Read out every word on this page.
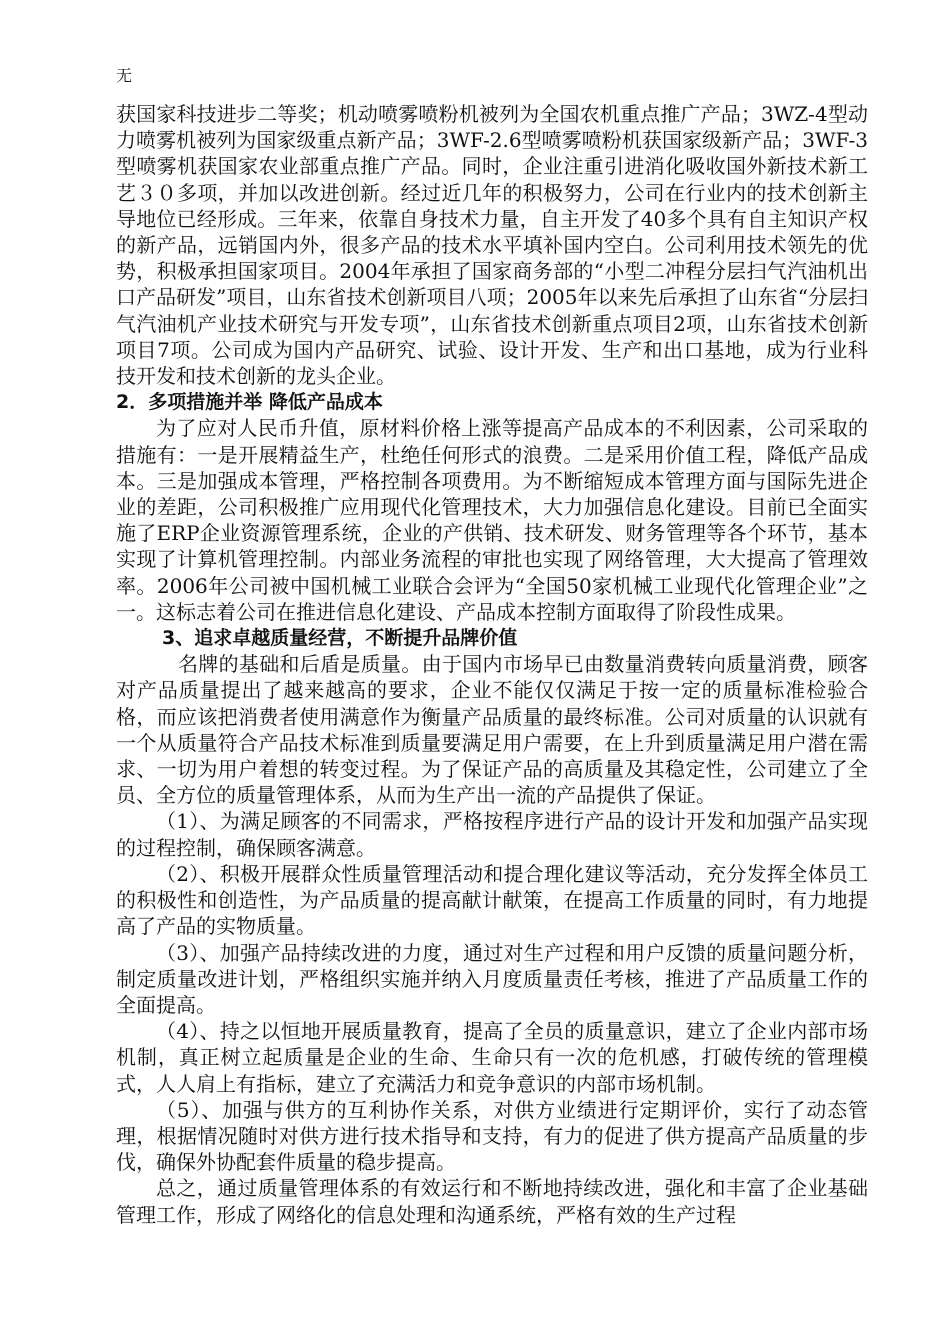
无

获国家科技进步二等奖；机动喷雾喷粉机被列为全国农机重点推广产品；3WZ-4型动力喷雾机被列为国家级重点新产品；3WF-2.6型喷雾喷粉机获国家级新产品；3WF-3型喷雾机获国家农业部重点推广产品。同时，企业注重引进消化吸收国外新技术新工艺３０多项，并加以改进创新。经过近几年的积极努力，公司在行业内的技术创新主导地位已经形成。三年来，依靠自身技术力量，自主开发了40多个具有自主知识产权的新产品，远销国内外，很多产品的技术水平填补国内空白。公司利用技术领先的优势，积极承担国家项目。2004年承担了国家商务部的“小型二冲程分层扫气汽油机出口产品研发”项目，山东省技术创新项目八项；2005年以来先后承担了山东省“分层扫气汽油机产业技术研究与开发专项”，山东省技术创新重点项目2项，山东省技术创新项目7项。公司成为国内产品研究、试验、设计开发、生产和出口基地，成为行业科技开发和技术创新的龙头企业。

2．多项措施并举 降低产品成本

为了应对人民币升值，原材料价格上涨等提高产品成本的不利因素，公司采取的措施有：一是开展精益生产，杜绝任何形式的浪费。二是采用价值工程，降低产品成本。三是加强成本管理，严格控制各项费用。为不断缩短成本管理方面与国际先进企业的差距，公司积极推广应用现代化管理技术，大力加强信息化建设。目前已全面实施了ERP企业资源管理系统，企业的产供销、技术研发、财务管理等各个环节，基本实现了计算机管理控制。内部业务流程的审批也实现了网络管理，大大提高了管理效率。2006年公司被中国机械工业联合会评为“全国50家机械工业现代化管理企业”之一。这标志着公司在推进信息化建设、产品成本控制方面取得了阶段性成果。

3、追求卓越质量经营，不断提升品牌价值

名牌的基础和后盾是质量。由于国内市场早已由数量消费转向质量消费，顾客对产品质量提出了越来越高的要求，企业不能仅仅满足于按一定的质量标准检验合格，而应该把消费者使用满意作为衡量产品质量的最终标准。公司对质量的认识就有一个从质量符合产品技术标准到质量要满足用户需要，在上升到质量满足用户潜在需求、一切为用户着想的转变过程。为了保证产品的高质量及其稳定性，公司建立了全员、全方位的质量管理体系，从而为生产出一流的产品提供了保证。

（1）、为满足顾客的不同需求，严格按程序进行产品的设计开发和加强产品实现的过程控制，确保顾客满意。

（2）、积极开展群众性质量管理活动和提合理化建议等活动，充分发挥全体员工的积极性和创造性，为产品质量的提高献计献策，在提高工作质量的同时，有力地提高了产品的实物质量。

（3）、加强产品持续改进的力度，通过对生产过程和用户反馈的质量问题分析，制定质量改进计划，严格组织实施并纳入月度质量责任考核，推进了产品质量工作的全面提高。

（4）、持之以恒地开展质量教育，提高了全员的质量意识，建立了企业内部市场机制，真正树立起质量是企业的生命、生命只有一次的危机感，打破传统的管理模式，人人肩上有指标，建立了充满活力和竞争意识的内部市场机制。

（5）、加强与供方的互利协作关系，对供方业绩进行定期评价，实行了动态管理，根据情况随时对供方进行技术指导和支持，有力的促进了供方提高产品质量的步伐，确保外协配套件质量的稳步提高。

总之，通过质量管理体系的有效运行和不断地持续改进，强化和丰富了企业基础管理工作，形成了网络化的信息处理和沟通系统，严格有效的生产过程
